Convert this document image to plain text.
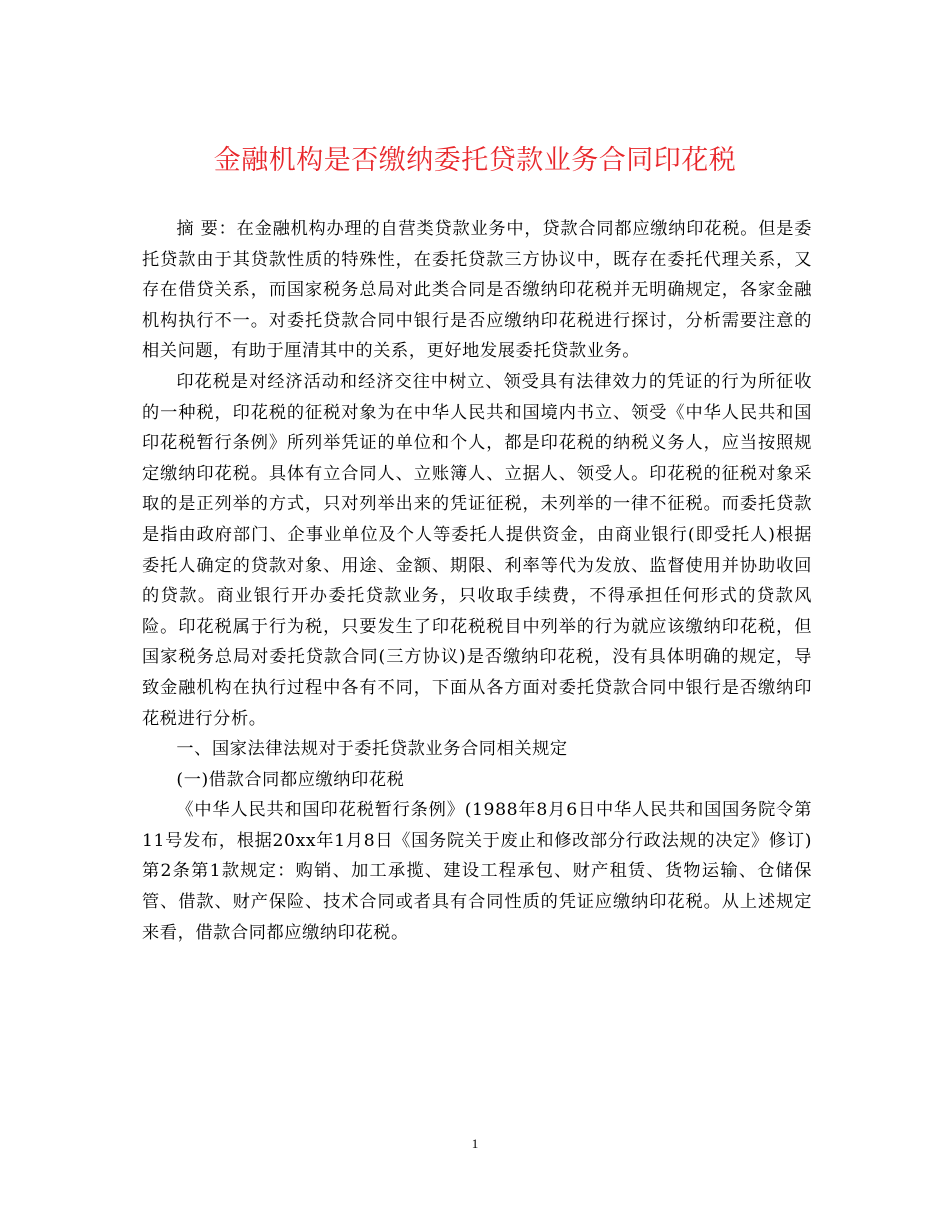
金融机构是否缴纳委托贷款业务合同印花税

摘 要：在金融机构办理的自营类贷款业务中，贷款合同都应缴纳印花税。但是委托贷款由于其贷款性质的特殊性，在委托贷款三方协议中，既存在委托代理关系，又存在借贷关系，而国家税务总局对此类合同是否缴纳印花税并无明确规定，各家金融机构执行不一。对委托贷款合同中银行是否应缴纳印花税进行探讨，分析需要注意的相关问题，有助于厘清其中的关系，更好地发展委托贷款业务。

印花税是对经济活动和经济交往中树立、领受具有法律效力的凭证的行为所征收的一种税，印花税的征税对象为在中华人民共和国境内书立、领受《中华人民共和国印花税暂行条例》所列举凭证的单位和个人，都是印花税的纳税义务人，应当按照规定缴纳印花税。具体有立合同人、立账簿人、立据人、领受人。印花税的征税对象采取的是正列举的方式，只对列举出来的凭证征税，未列举的一律不征税。而委托贷款是指由政府部门、企事业单位及个人等委托人提供资金，由商业银行(即受托人)根据委托人确定的贷款对象、用途、金额、期限、利率等代为发放、监督使用并协助收回的贷款。商业银行开办委托贷款业务，只收取手续费，不得承担任何形式的贷款风险。印花税属于行为税，只要发生了印花税税目中列举的行为就应该缴纳印花税，但国家税务总局对委托贷款合同(三方协议)是否缴纳印花税，没有具体明确的规定，导致金融机构在执行过程中各有不同，下面从各方面对委托贷款合同中银行是否缴纳印花税进行分析。

一、国家法律法规对于委托贷款业务合同相关规定

(一)借款合同都应缴纳印花税

《中华人民共和国印花税暂行条例》(1988年8月6日中华人民共和国国务院令第11号发布，根据20xx年1月8日《国务院关于废止和修改部分行政法规的决定》修订)第2条第1款规定：购销、加工承揽、建设工程承包、财产租赁、货物运输、仓储保管、借款、财产保险、技术合同或者具有合同性质的凭证应缴纳印花税。从上述规定来看，借款合同都应缴纳印花税。

1
